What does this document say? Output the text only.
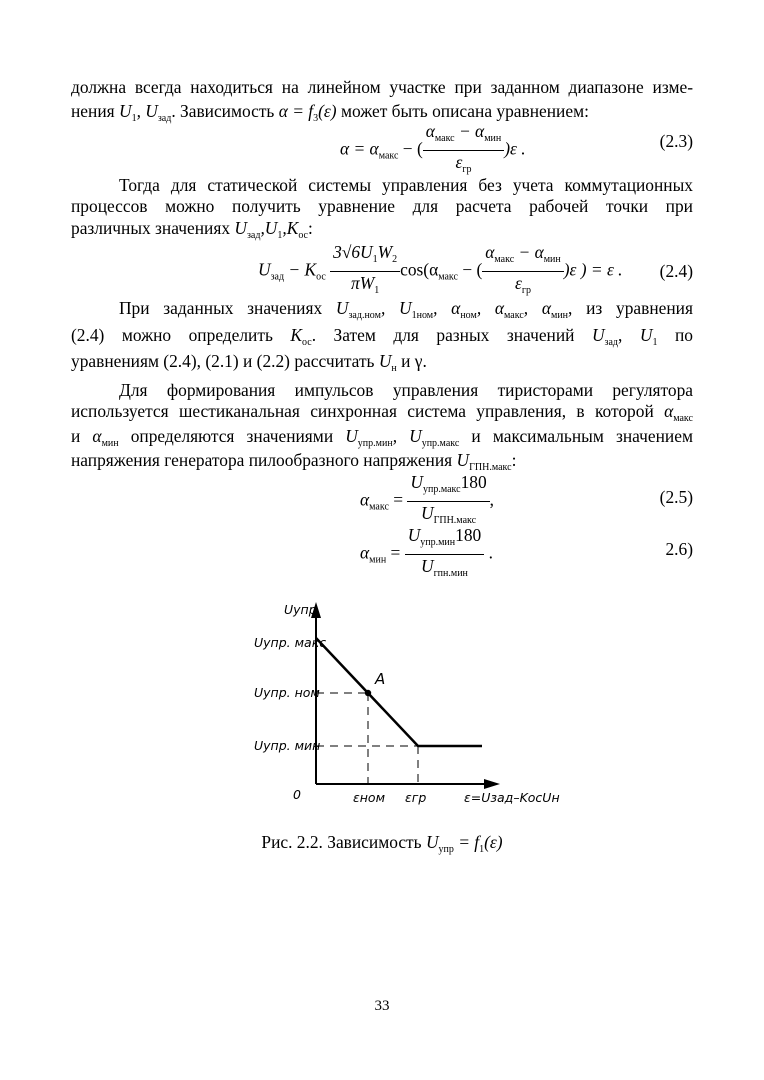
должна всегда находиться на линейном участке при заданном диапазоне изме-
нения $U_1$, $U_{зад}$. Зависимость $\alpha = f_3(\varepsilon)$ может быть описана уравнением:
$\alpha = \alpha_{макс}$ − ( $\frac{\alpha_{макс} - \alpha_{мин}}{\varepsilon_{гр}} )\varepsilon$ .	(2.3)
Тогда для статической системы управления без учета коммутационных
процессов можно получить уравнение для расчета рабочей точки при
различных значениях $U_{зад},U_1,K_{ос}$:
$U_{зад} - K_{ос} \frac{3√6U_1W_2}{\pi W_1} \cos(\alpha_{макс}$ − ( $\frac{\alpha_{макс} - \alpha_{мин}}{\varepsilon_{гр}} )\varepsilon$ ) = ε . (2.4)
При заданных значениях $U_{зад.ном}$, $U_{1ном}$, $\alpha_{ном}$, $\alpha_{макс}$, $\alpha_{мин}$, из уравнения
(2.4) можно определить $K_{ос}$. Затем для разных значений $U_{зад}$, $U_1$ по
уравнениям (2.4), (2.1) и (2.2) рассчитать $U_н$ и γ.
Для формирования импульсов управления тиристорами регулятора
используется шестиканальная синхронная система управления, в которой $\alpha_{макс}$
и $\alpha_{мин}$ определяются значениями $U_{упр.мин}$, $U_{упр.макс}$ и максимальным значением
напряжения генератора пилообразного напряжения $U_{ГПН.макс}$:
$\alpha_{макс} = \frac{U_{упр.макс}180}{U_{ГПН.макс}}$ ,	(2.5)
$\alpha_{мин} = \frac{U_{упр.мин}180}{U_{гпн.мин}}$ .	2.6)
Uупр
Uупр. макс
Uупр. ном
Uупр. мин
0
A
εном εгр	ε=Uзад–KосUн
Рис. 2.2. Зависимость $U_{упр} = f_1(\varepsilon)$
33
